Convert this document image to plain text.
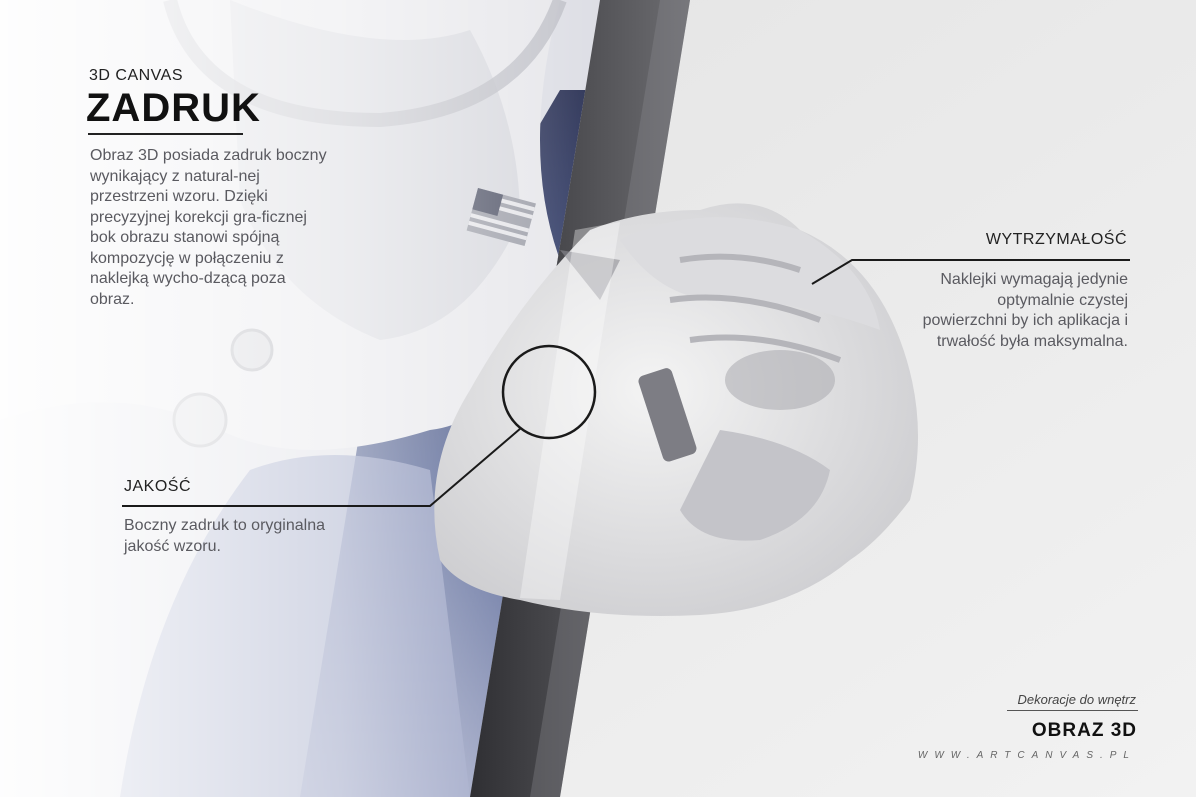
3D CANVAS
ZADRUK
Obraz 3D posiada zadruk boczny wynikający z natural-nej przestrzeni wzoru. Dzięki precyzyjnej korekcji gra-ficznej bok obrazu stanowi spójną kompozycję w połączeniu z naklejką wycho-dzącą poza obraz.
WYTRZYMAŁOŚĆ
Naklejki wymagają jedynie optymalnie czystej powierzchni by ich aplikacja i trwałość była maksymalna.
JAKOŚĆ
Boczny zadruk to oryginalna jakość wzoru.
Dekoracje do wnętrz
OBRAZ 3D
WWW.ARTCANVAS.PL
